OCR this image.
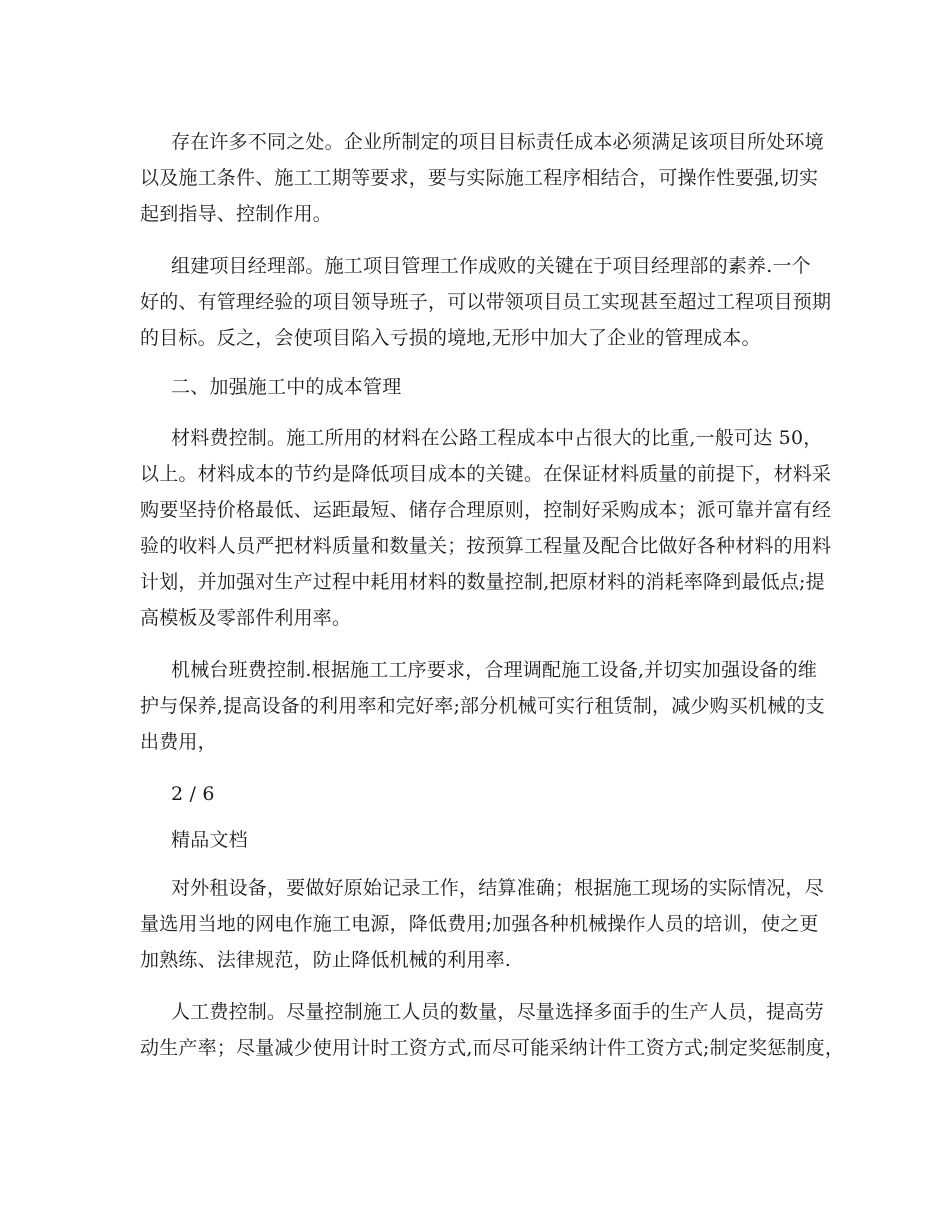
存在许多不同之处。企业所制定的项目目标责任成本必须满足该项目所处环境
以及施工条件、施工工期等要求，要与实际施工程序相结合，可操作性要强,切实
起到指导、控制作用。
组建项目经理部。施工项目管理工作成败的关键在于项目经理部的素养.一个
好的、有管理经验的项目领导班子，可以带领项目员工实现甚至超过工程项目预期
的目标。反之，会使项目陷入亏损的境地,无形中加大了企业的管理成本。
二、加强施工中的成本管理
材料费控制。施工所用的材料在公路工程成本中占很大的比重,一般可达 50，
以上。材料成本的节约是降低项目成本的关键。在保证材料质量的前提下，材料采
购要坚持价格最低、运距最短、储存合理原则，控制好采购成本；派可靠并富有经
验的收料人员严把材料质量和数量关；按预算工程量及配合比做好各种材料的用料
计划，并加强对生产过程中耗用材料的数量控制,把原材料的消耗率降到最低点;提
高模板及零部件利用率。
机械台班费控制.根据施工工序要求，合理调配施工设备,并切实加强设备的维
护与保养,提高设备的利用率和完好率;部分机械可实行租赁制，减少购买机械的支
出费用，
2 / 6
精品文档
对外租设备，要做好原始记录工作，结算准确；根据施工现场的实际情况，尽
量选用当地的网电作施工电源，降低费用;加强各种机械操作人员的培训，使之更
加熟练、法律规范，防止降低机械的利用率.
人工费控制。尽量控制施工人员的数量，尽量选择多面手的生产人员，提高劳
动生产率；尽量减少使用计时工资方式,而尽可能采纳计件工资方式;制定奖惩制度，
